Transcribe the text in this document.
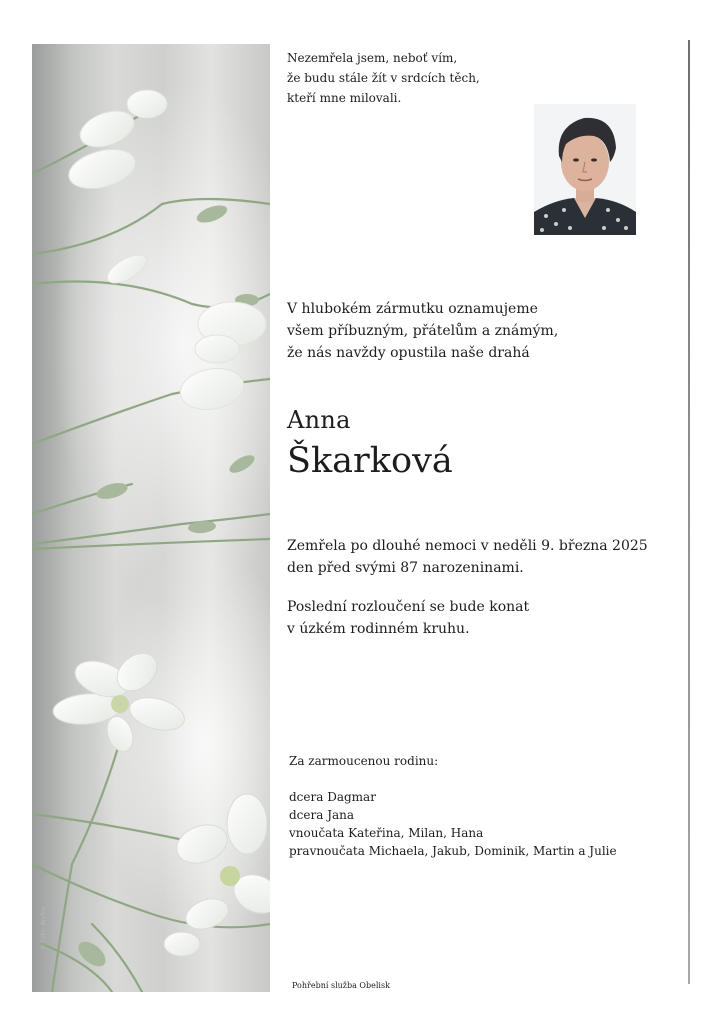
© Foto: Archiv
Nezemřela jsem, neboť vím,
že budu stále žít v srdcích těch,
kteří mne milovali.
V hlubokém zármutku oznamujeme
všem příbuzným, přátelům a známým,
že nás navždy opustila naše drahá
Anna
Škarková
Zemřela po dlouhé nemoci v neděli 9. března 2025
den před svými 87 narozeninami.
Poslední rozloučení se bude konat
v úzkém rodinném kruhu.
Za zarmoucenou rodinu:
dcera Dagmar
dcera Jana
vnoučata Kateřina, Milan, Hana
pravnoučata Michaela, Jakub, Dominik, Martin a Julie
Pohřební služba Obelisk
